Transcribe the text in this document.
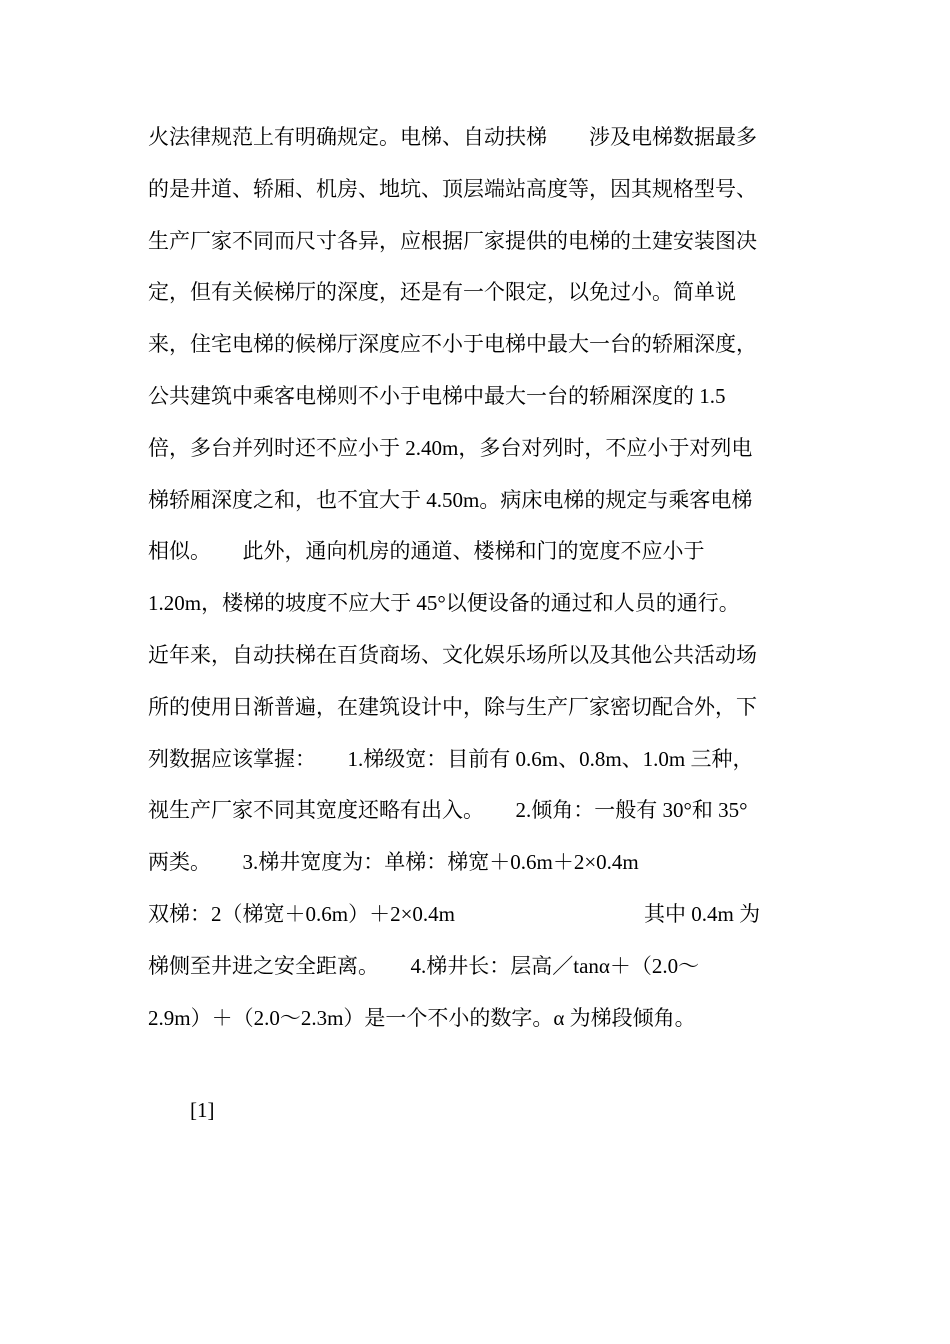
火法律规范上有明确规定。电梯、自动扶梯　　涉及电梯数据最多
的是井道、轿厢、机房、地坑、顶层端站高度等，因其规格型号、
生产厂家不同而尺寸各异，应根据厂家提供的电梯的土建安装图决
定，但有关候梯厅的深度，还是有一个限定，以免过小。简单说
来，住宅电梯的候梯厅深度应不小于电梯中最大一台的轿厢深度，
公共建筑中乘客电梯则不小于电梯中最大一台的轿厢深度的 1.5
倍，多台并列时还不应小于 2.40m，多台对列时，不应小于对列电
梯轿厢深度之和，也不宜大于 4.50m。病床电梯的规定与乘客电梯
相似。　　此外，通向机房的通道、楼梯和门的宽度不应小于
1.20m，楼梯的坡度不应大于 45°以便设备的通过和人员的通行。
近年来，自动扶梯在百货商场、文化娱乐场所以及其他公共活动场
所的使用日渐普遍，在建筑设计中，除与生产厂家密切配合外，下
列数据应该掌握：　　1.梯级宽：目前有 0.6m、0.8m、1.0m 三种，
视生产厂家不同其宽度还略有出入。　　2.倾角：一般有 30°和 35°
两类。　　3.梯井宽度为：单梯：梯宽＋0.6m＋2×0.4m
双梯：2（梯宽＋0.6m）＋2×0.4m　　　　　　　　　其中 0.4m 为
梯侧至井进之安全距离。　　4.梯井长：层高／tanα＋（2.0～
2.9m）＋（2.0～2.3m）是一个不小的数字。α 为梯段倾角。
[1]
